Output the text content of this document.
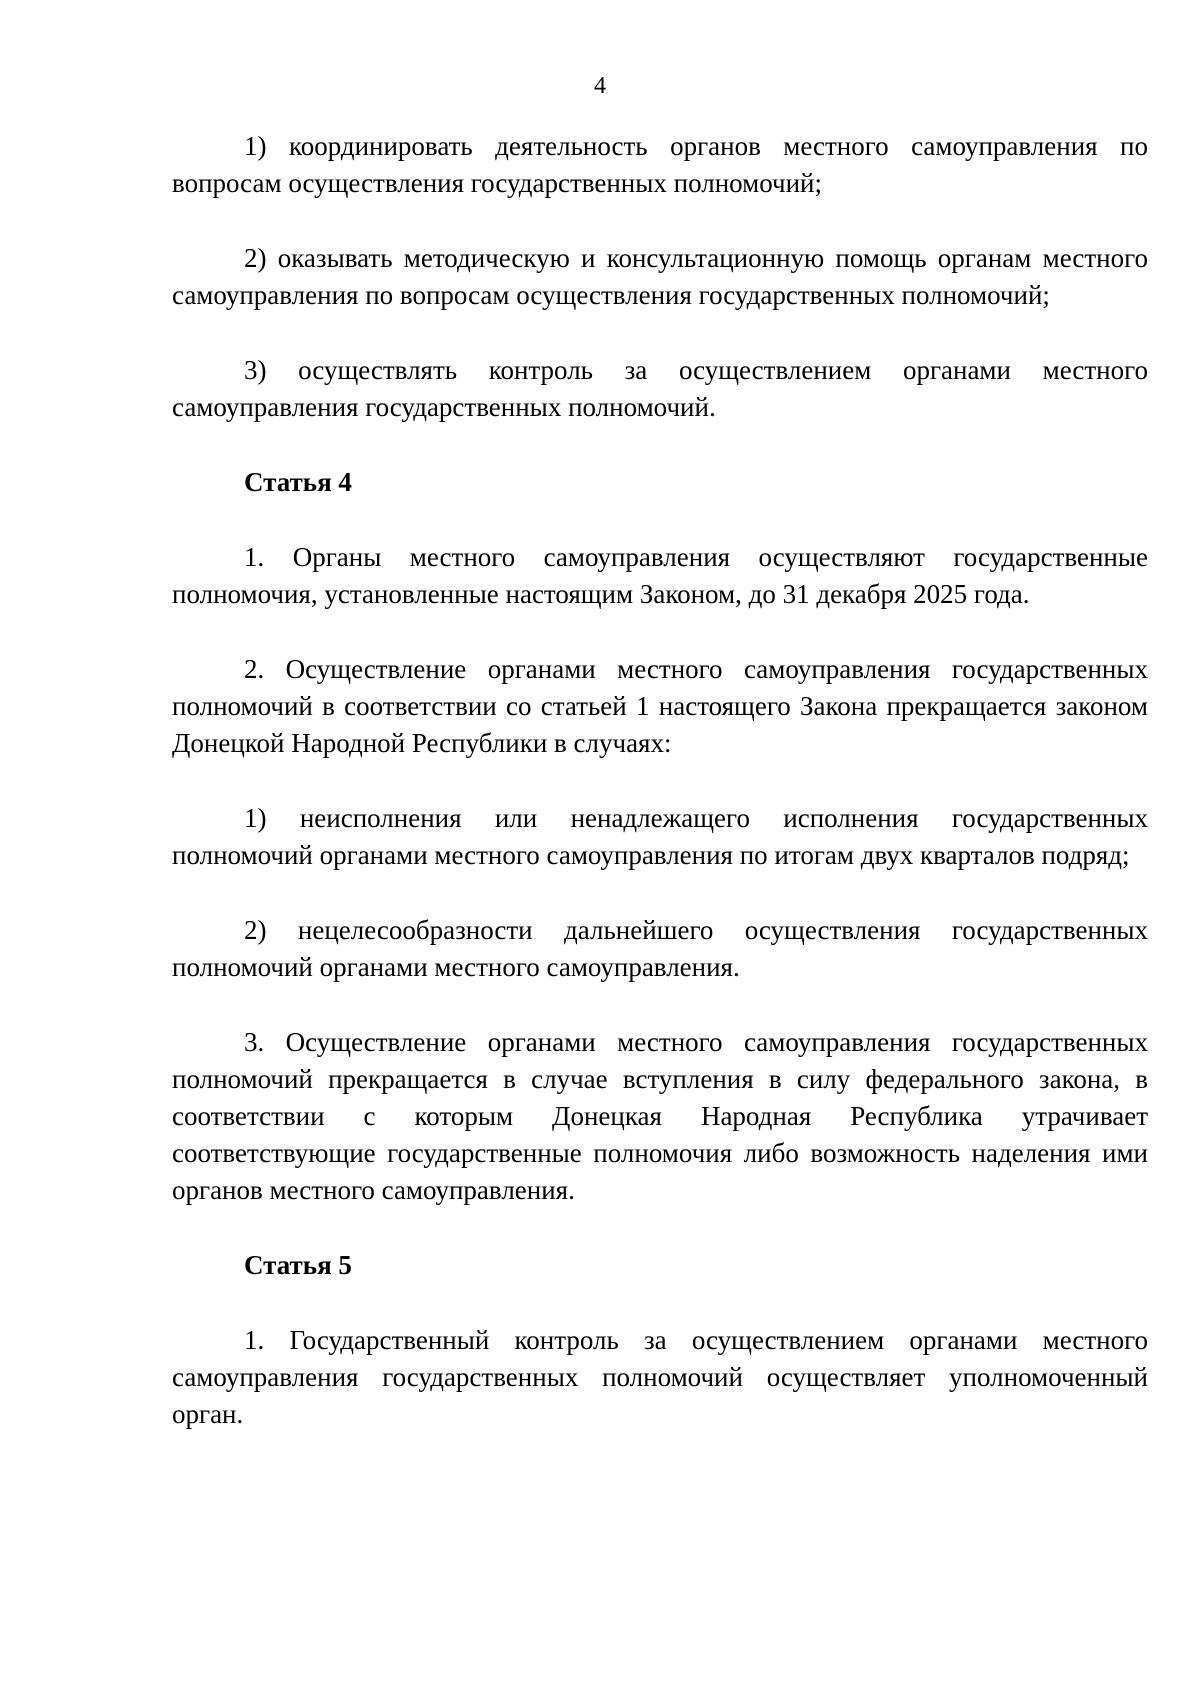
4

1) координировать деятельность органов местного самоуправления по вопросам осуществления государственных полномочий;

2) оказывать методическую и консультационную помощь органам местного самоуправления по вопросам осуществления государственных полномочий;

3) осуществлять контроль за осуществлением органами местного самоуправления государственных полномочий.

Статья 4

1. Органы местного самоуправления осуществляют государственные полномочия, установленные настоящим Законом, до 31 декабря 2025 года.

2. Осуществление органами местного самоуправления государственных полномочий в соответствии со статьей 1 настоящего Закона прекращается законом Донецкой Народной Республики в случаях:

1) неисполнения или ненадлежащего исполнения государственных полномочий органами местного самоуправления по итогам двух кварталов подряд;

2) нецелесообразности дальнейшего осуществления государственных полномочий органами местного самоуправления.

3. Осуществление органами местного самоуправления государственных полномочий прекращается в случае вступления в силу федерального закона, в соответствии с которым Донецкая Народная Республика утрачивает соответствующие государственные полномочия либо возможность наделения ими органов местного самоуправления.

Статья 5

1. Государственный контроль за осуществлением органами местного самоуправления государственных полномочий осуществляет уполномоченный орган.
